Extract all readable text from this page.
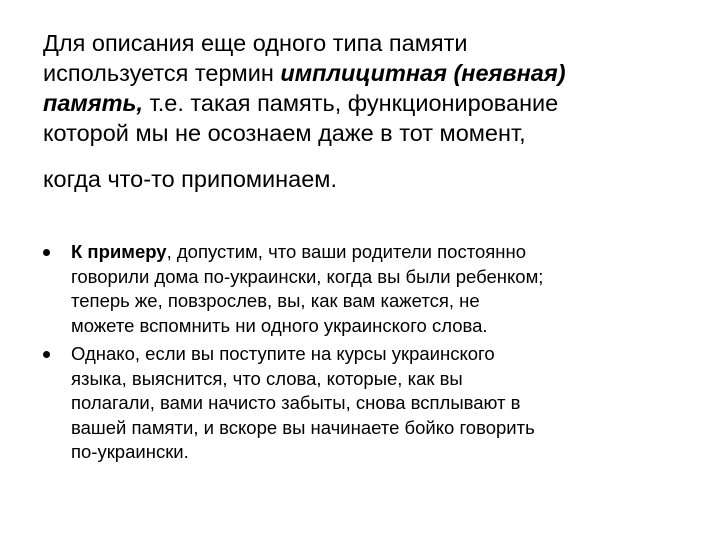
Для описания еще одного типа памяти
используется термин имплицитная (неявная)
память, т.е. такая память, функционирование
которой мы не осознаем даже в тот момент,
когда что-то припоминаем.
К примеру, допустим, что ваши родители постоянно
говорили дома по-украински, когда вы были ребенком;
теперь же, повзрослев, вы, как вам кажется, не
можете вспомнить ни одного украинского слова.
Однако, если вы поступите на курсы украинского
языка, выяснится, что слова, которые, как вы
полагали, вами начисто забыты, снова всплывают в
вашей памяти, и вскоре вы начинаете бойко говорить
по-украински.
